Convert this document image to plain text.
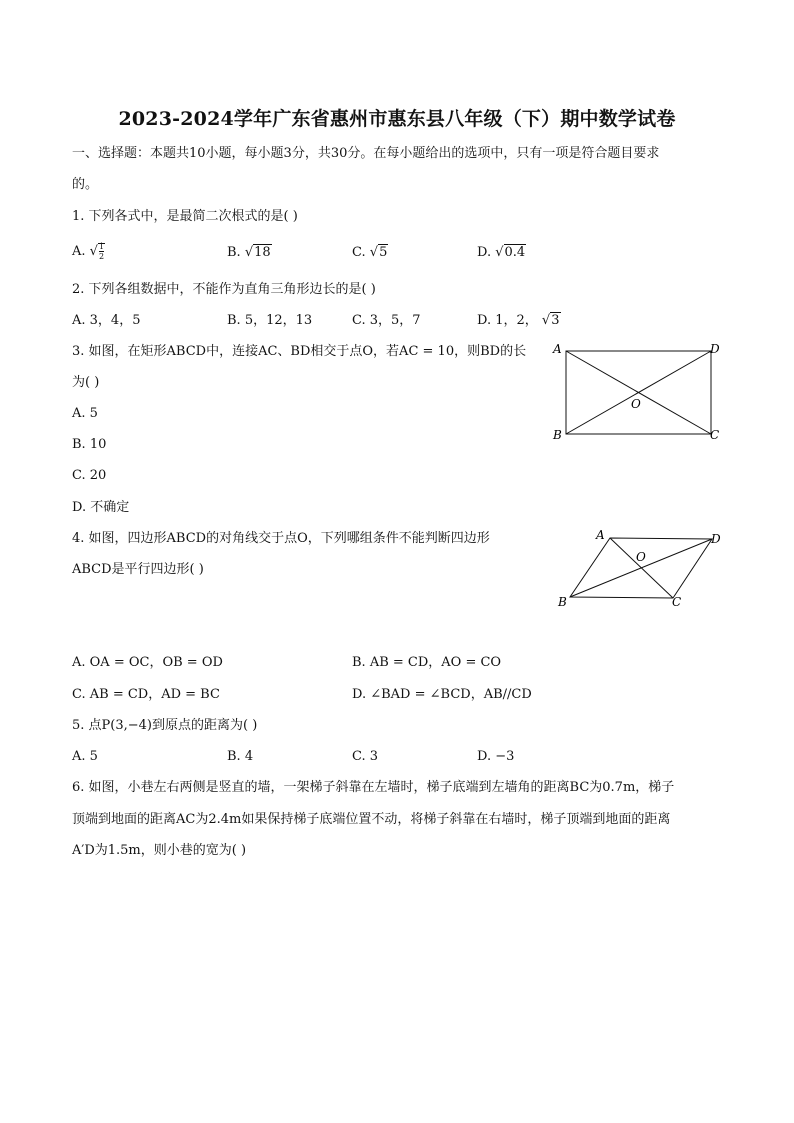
2023-2024学年广东省惠州市惠东县八年级（下）期中数学试卷
一、选择题：本题共10小题，每小题3分，共30分。在每小题给出的选项中，只有一项是符合题目要求
的。
1. 下列各式中，是最简二次根式的是( )
A. √ $\frac{1}{2}$	B. √18	C. √5	D. √0.4
2. 下列各组数据中，不能作为直角三角形边长的是( )
A. 3，4，5	B. 5，12，13	C. 3，5，7	D. 1，2， √3
3. 如图，在矩形ABCD中，连接AC、BD相交于点O，若AC = 10，则BD的长
为( )
A. 5
B. 10
C. 20
D. 不确定
A	D
B	C
O
4. 如图，四边形ABCD的对角线交于点O，下列哪组条件不能判断四边形
ABCD是平行四边形( )
A	D
B	C
O
A. OA = OC，OB = OD	B. AB = CD，AO = CO
C. AB = CD，AD = BC	D. ∠BAD = ∠BCD，AB//CD
5. 点P(3,−4)到原点的距离为( )
A. 5	B. 4	C. 3	D. −3
6. 如图，小巷左右两侧是竖直的墙，一架梯子斜靠在左墙时，梯子底端到左墙角的距离BC为0.7m，梯子
顶端到地面的距离AC为2.4m如果保持梯子底端位置不动，将梯子斜靠在右墙时，梯子顶端到地面的距离
A′D为1.5m，则小巷的宽为( )
